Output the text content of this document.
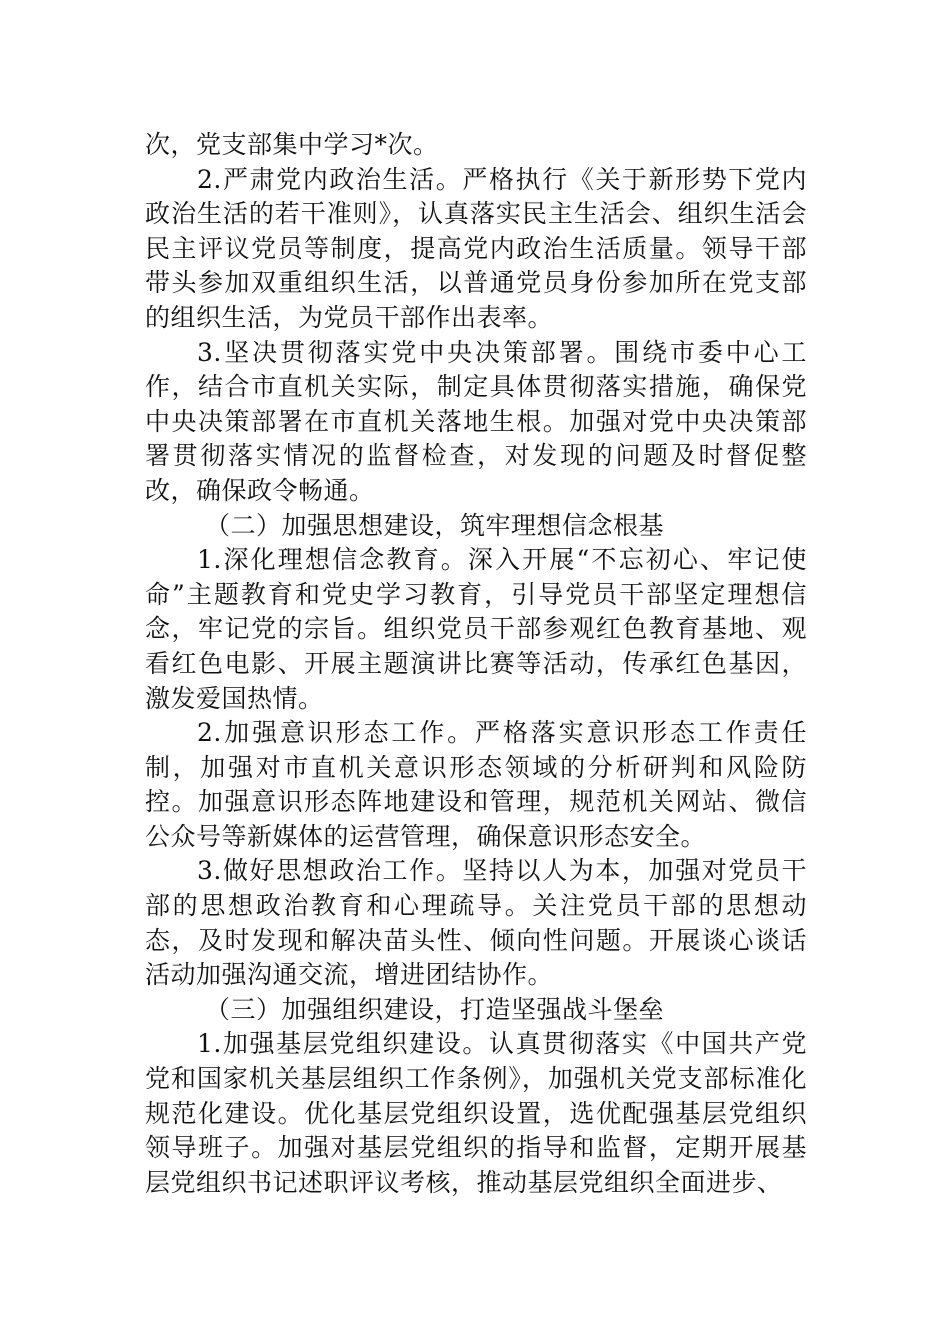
次，党支部集中学习*次。

2.严肃党内政治生活。严格执行《关于新形势下党内政治生活的若干准则》，认真落实民主生活会、组织生活会民主评议党员等制度，提高党内政治生活质量。领导干部带头参加双重组织生活，以普通党员身份参加所在党支部的组织生活，为党员干部作出表率。

3.坚决贯彻落实党中央决策部署。围绕市委中心工作，结合市直机关实际，制定具体贯彻落实措施，确保党中央决策部署在市直机关落地生根。加强对党中央决策部署贯彻落实情况的监督检查，对发现的问题及时督促整改，确保政令畅通。

（二）加强思想建设，筑牢理想信念根基

1.深化理想信念教育。深入开展“不忘初心、牢记使命”主题教育和党史学习教育，引导党员干部坚定理想信念，牢记党的宗旨。组织党员干部参观红色教育基地、观看红色电影、开展主题演讲比赛等活动，传承红色基因，激发爱国热情。

2.加强意识形态工作。严格落实意识形态工作责任制，加强对市直机关意识形态领域的分析研判和风险防控。加强意识形态阵地建设和管理，规范机关网站、微信公众号等新媒体的运营管理，确保意识形态安全。

3.做好思想政治工作。坚持以人为本，加强对党员干部的思想政治教育和心理疏导。关注党员干部的思想动态，及时发现和解决苗头性、倾向性问题。开展谈心谈话活动加强沟通交流，增进团结协作。

（三）加强组织建设，打造坚强战斗堡垒

1.加强基层党组织建设。认真贯彻落实《中国共产党党和国家机关基层组织工作条例》，加强机关党支部标准化规范化建设。优化基层党组织设置，选优配强基层党组织领导班子。加强对基层党组织的指导和监督，定期开展基层党组织书记述职评议考核，推动基层党组织全面进步、
